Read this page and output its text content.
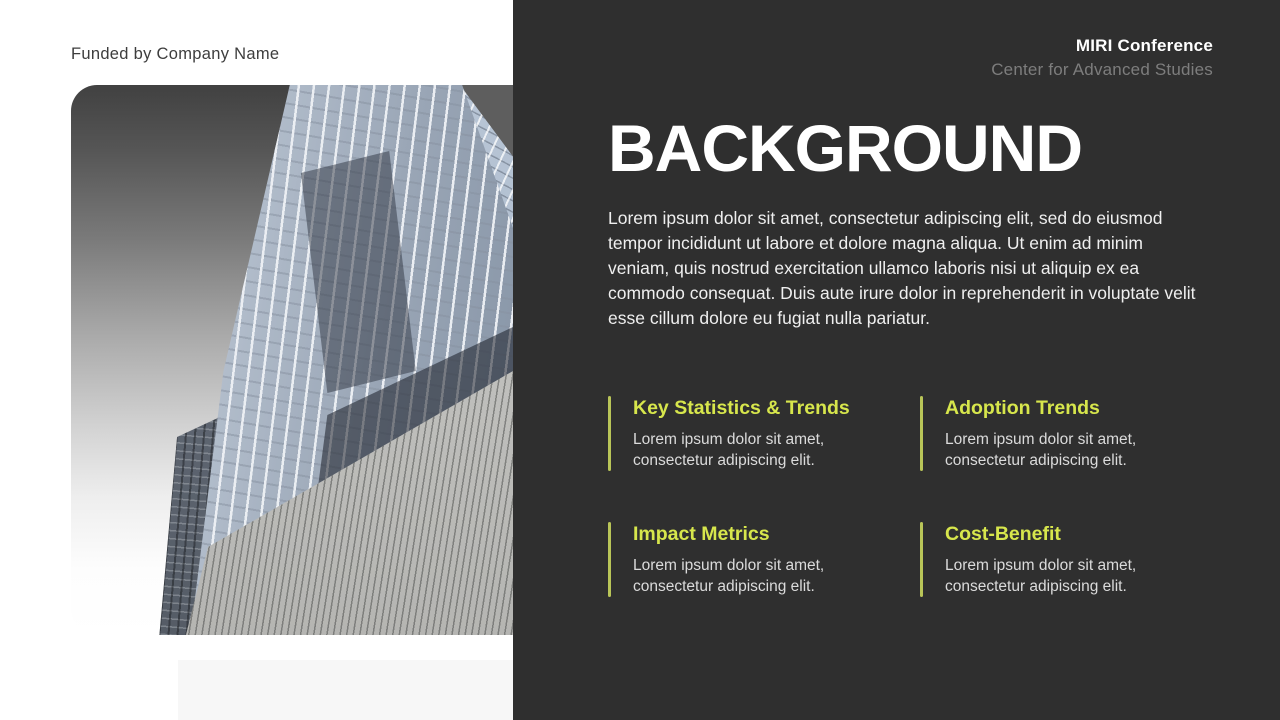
Funded by Company Name	MIRI Conference
Center for Advanced Studies
BACKGROUND

Lorem ipsum dolor sit amet, consectetur adipiscing elit, sed do eiusmod tempor incididunt ut labore et dolore magna aliqua. Ut enim ad minim veniam, quis nostrud exercitation ullamco laboris nisi ut aliquip ex ea commodo consequat. Duis aute irure dolor in reprehenderit in voluptate velit esse cillum dolore eu fugiat nulla pariatur.

Key Statistics & Trends

Lorem ipsum dolor sit amet, consectetur adipiscing elit.

Adoption Trends

Lorem ipsum dolor sit amet, consectetur adipiscing elit.

Impact Metrics

Lorem ipsum dolor sit amet, consectetur adipiscing elit.

Cost-Benefit

Lorem ipsum dolor sit amet, consectetur adipiscing elit.
